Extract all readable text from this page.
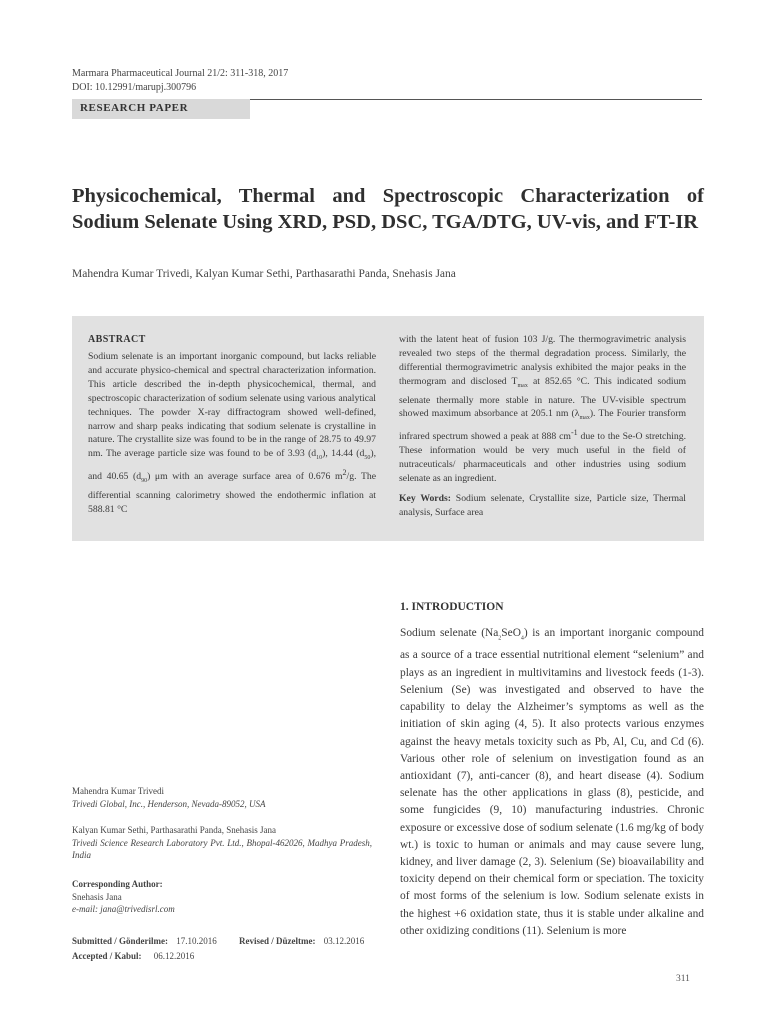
Marmara Pharmaceutical Journal 21/2: 311-318, 2017
DOI: 10.12991/marupj.300796
RESEARCH PAPER
Physicochemical, Thermal and Spectroscopic Characterization of Sodium Selenate Using XRD, PSD, DSC, TGA/DTG, UV-vis, and FT-IR
Mahendra Kumar Trivedi, Kalyan Kumar Sethi, Parthasarathi Panda, Snehasis Jana
ABSTRACT
Sodium selenate is an important inorganic compound, but lacks reliable and accurate physico-chemical and spectral characterization information. This article described the in-depth physicochemical, thermal, and spectroscopic characterization of sodium selenate using various analytical techniques. The powder X-ray diffractogram showed well-defined, narrow and sharp peaks indicating that sodium selenate is crystalline in nature. The crystallite size was found to be in the range of 28.75 to 49.97 nm. The average particle size was found to be of 3.93 $(d_{10})$, 14.44 $(d_{50})$, and 40.65 $(d_{90})$ μm with an average surface area of 0.676 $m^2/g$. The differential scanning calorimetry showed the endothermic inflation at 588.81 °C
with the latent heat of fusion 103 J/g. The thermogravimetric analysis revealed two steps of the thermal degradation process. Similarly, the differential thermogravimetric analysis exhibited the major peaks in the thermogram and disclosed $T_{max}$ at 852.65 °C. This indicated sodium selenate thermally more stable in nature. The UV-visible spectrum showed maximum absorbance at 205.1 nm $(\lambda_{max})$. The Fourier transform infrared spectrum showed a peak at 888 $cm^{-1}$ due to the Se-O stretching. These information would be very much useful in the field of nutraceuticals/ pharmaceuticals and other industries using sodium selenate as an ingredient.
Key Words: Sodium selenate, Crystallite size, Particle size, Thermal analysis, Surface area
1. INTRODUCTION
Sodium selenate $(Na_2SeO_4)$ is an important inorganic compound as a source of a trace essential nutritional element “selenium” and plays as an ingredient in multivitamins and livestock feeds (1-3). Selenium (Se) was investigated and observed to have the capability to delay the Alzheimer’s symptoms as well as the initiation of skin aging (4, 5). It also protects various enzymes against the heavy metals toxicity such as Pb, Al, Cu, and Cd (6). Various other role of selenium on investigation found as an antioxidant (7), anti-cancer (8), and heart disease (4). Sodium selenate has the other applications in glass (8), pesticide, and some fungicides (9, 10) manufacturing industries. Chronic exposure or excessive dose of sodium selenate (1.6 mg/kg of body wt.) is toxic to human or animals and may cause severe lung, kidney, and liver damage (2, 3). Selenium (Se) bioavailability and toxicity depend on their chemical form or speciation. The toxicity of most forms of the selenium is low. Sodium selenate exists in the highest +6 oxidation state, thus it is stable under alkaline and other oxidizing conditions (11). Selenium is more
Mahendra Kumar Trivedi
Trivedi Global, Inc., Henderson, Nevada-89052, USA
Kalyan Kumar Sethi, Parthasarathi Panda, Snehasis Jana
Trivedi Science Research Laboratory Pvt. Ltd., Bhopal-462026, Madhya Pradesh, India
Corresponding Author:
Snehasis Jana
e-mail: jana@trivedisrl.com
Submitted / Gönderilme: 17.10.2016 Revised / Düzeltme: 03.12.2016
Accepted / Kabul: 06.12.2016
311
